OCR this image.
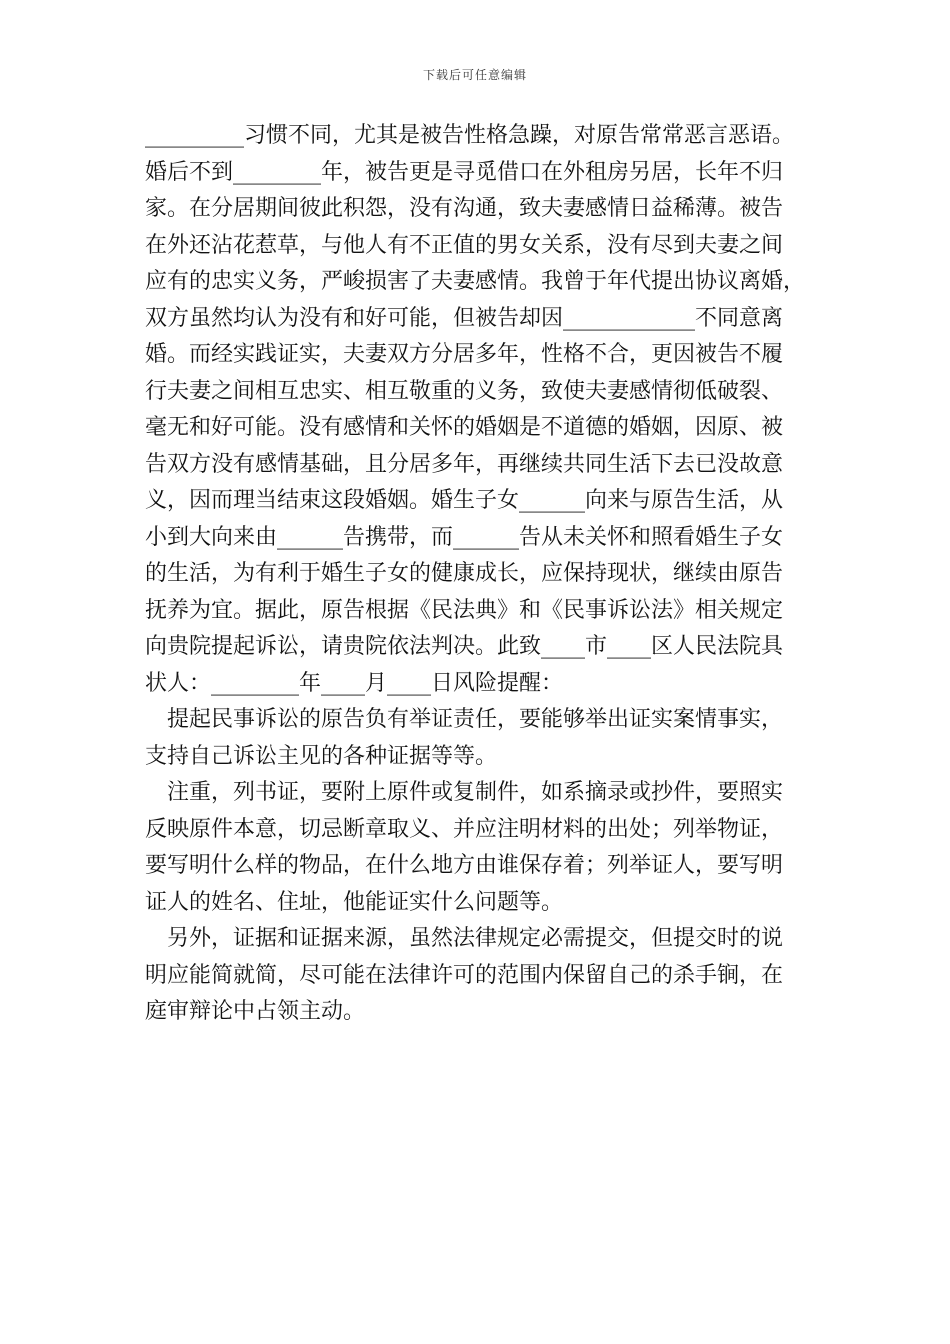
下载后可任意编辑
_________习惯不同，尤其是被告性格急躁，对原告常常恶言恶语。
婚后不到________年，被告更是寻觅借口在外租房另居，长年不归
家。在分居期间彼此积怨，没有沟通，致夫妻感情日益稀薄。被告
在外还沾花惹草，与他人有不正值的男女关系，没有尽到夫妻之间
应有的忠实义务，严峻损害了夫妻感情。我曾于年代提出协议离婚，
双方虽然均认为没有和好可能，但被告却因____________不同意离
婚。而经实践证实，夫妻双方分居多年，性格不合，更因被告不履
行夫妻之间相互忠实、相互敬重的义务，致使夫妻感情彻低破裂、
毫无和好可能。没有感情和关怀的婚姻是不道德的婚姻，因原、被
告双方没有感情基础，且分居多年，再继续共同生活下去已没故意
义，因而理当结束这段婚姻。婚生子女______向来与原告生活，从
小到大向来由______告携带，而______告从未关怀和照看婚生子女
的生活，为有利于婚生子女的健康成长，应保持现状，继续由原告
抚养为宜。据此，原告根据《民法典》和《民事诉讼法》相关规定
向贵院提起诉讼，请贵院依法判决。此致____市____区人民法院具
状人：________年____月____日风险提醒：
提起民事诉讼的原告负有举证责任，要能够举出证实案情事实，
支持自己诉讼主见的各种证据等等。
注重，列书证，要附上原件或复制件，如系摘录或抄件，要照实
反映原件本意，切忌断章取义、并应注明材料的出处；列举物证，
要写明什么样的物品，在什么地方由谁保存着；列举证人，要写明
证人的姓名、住址，他能证实什么问题等。
另外，证据和证据来源，虽然法律规定必需提交，但提交时的说
明应能简就简，尽可能在法律许可的范围内保留自己的杀手锏，在
庭审辩论中占领主动。
